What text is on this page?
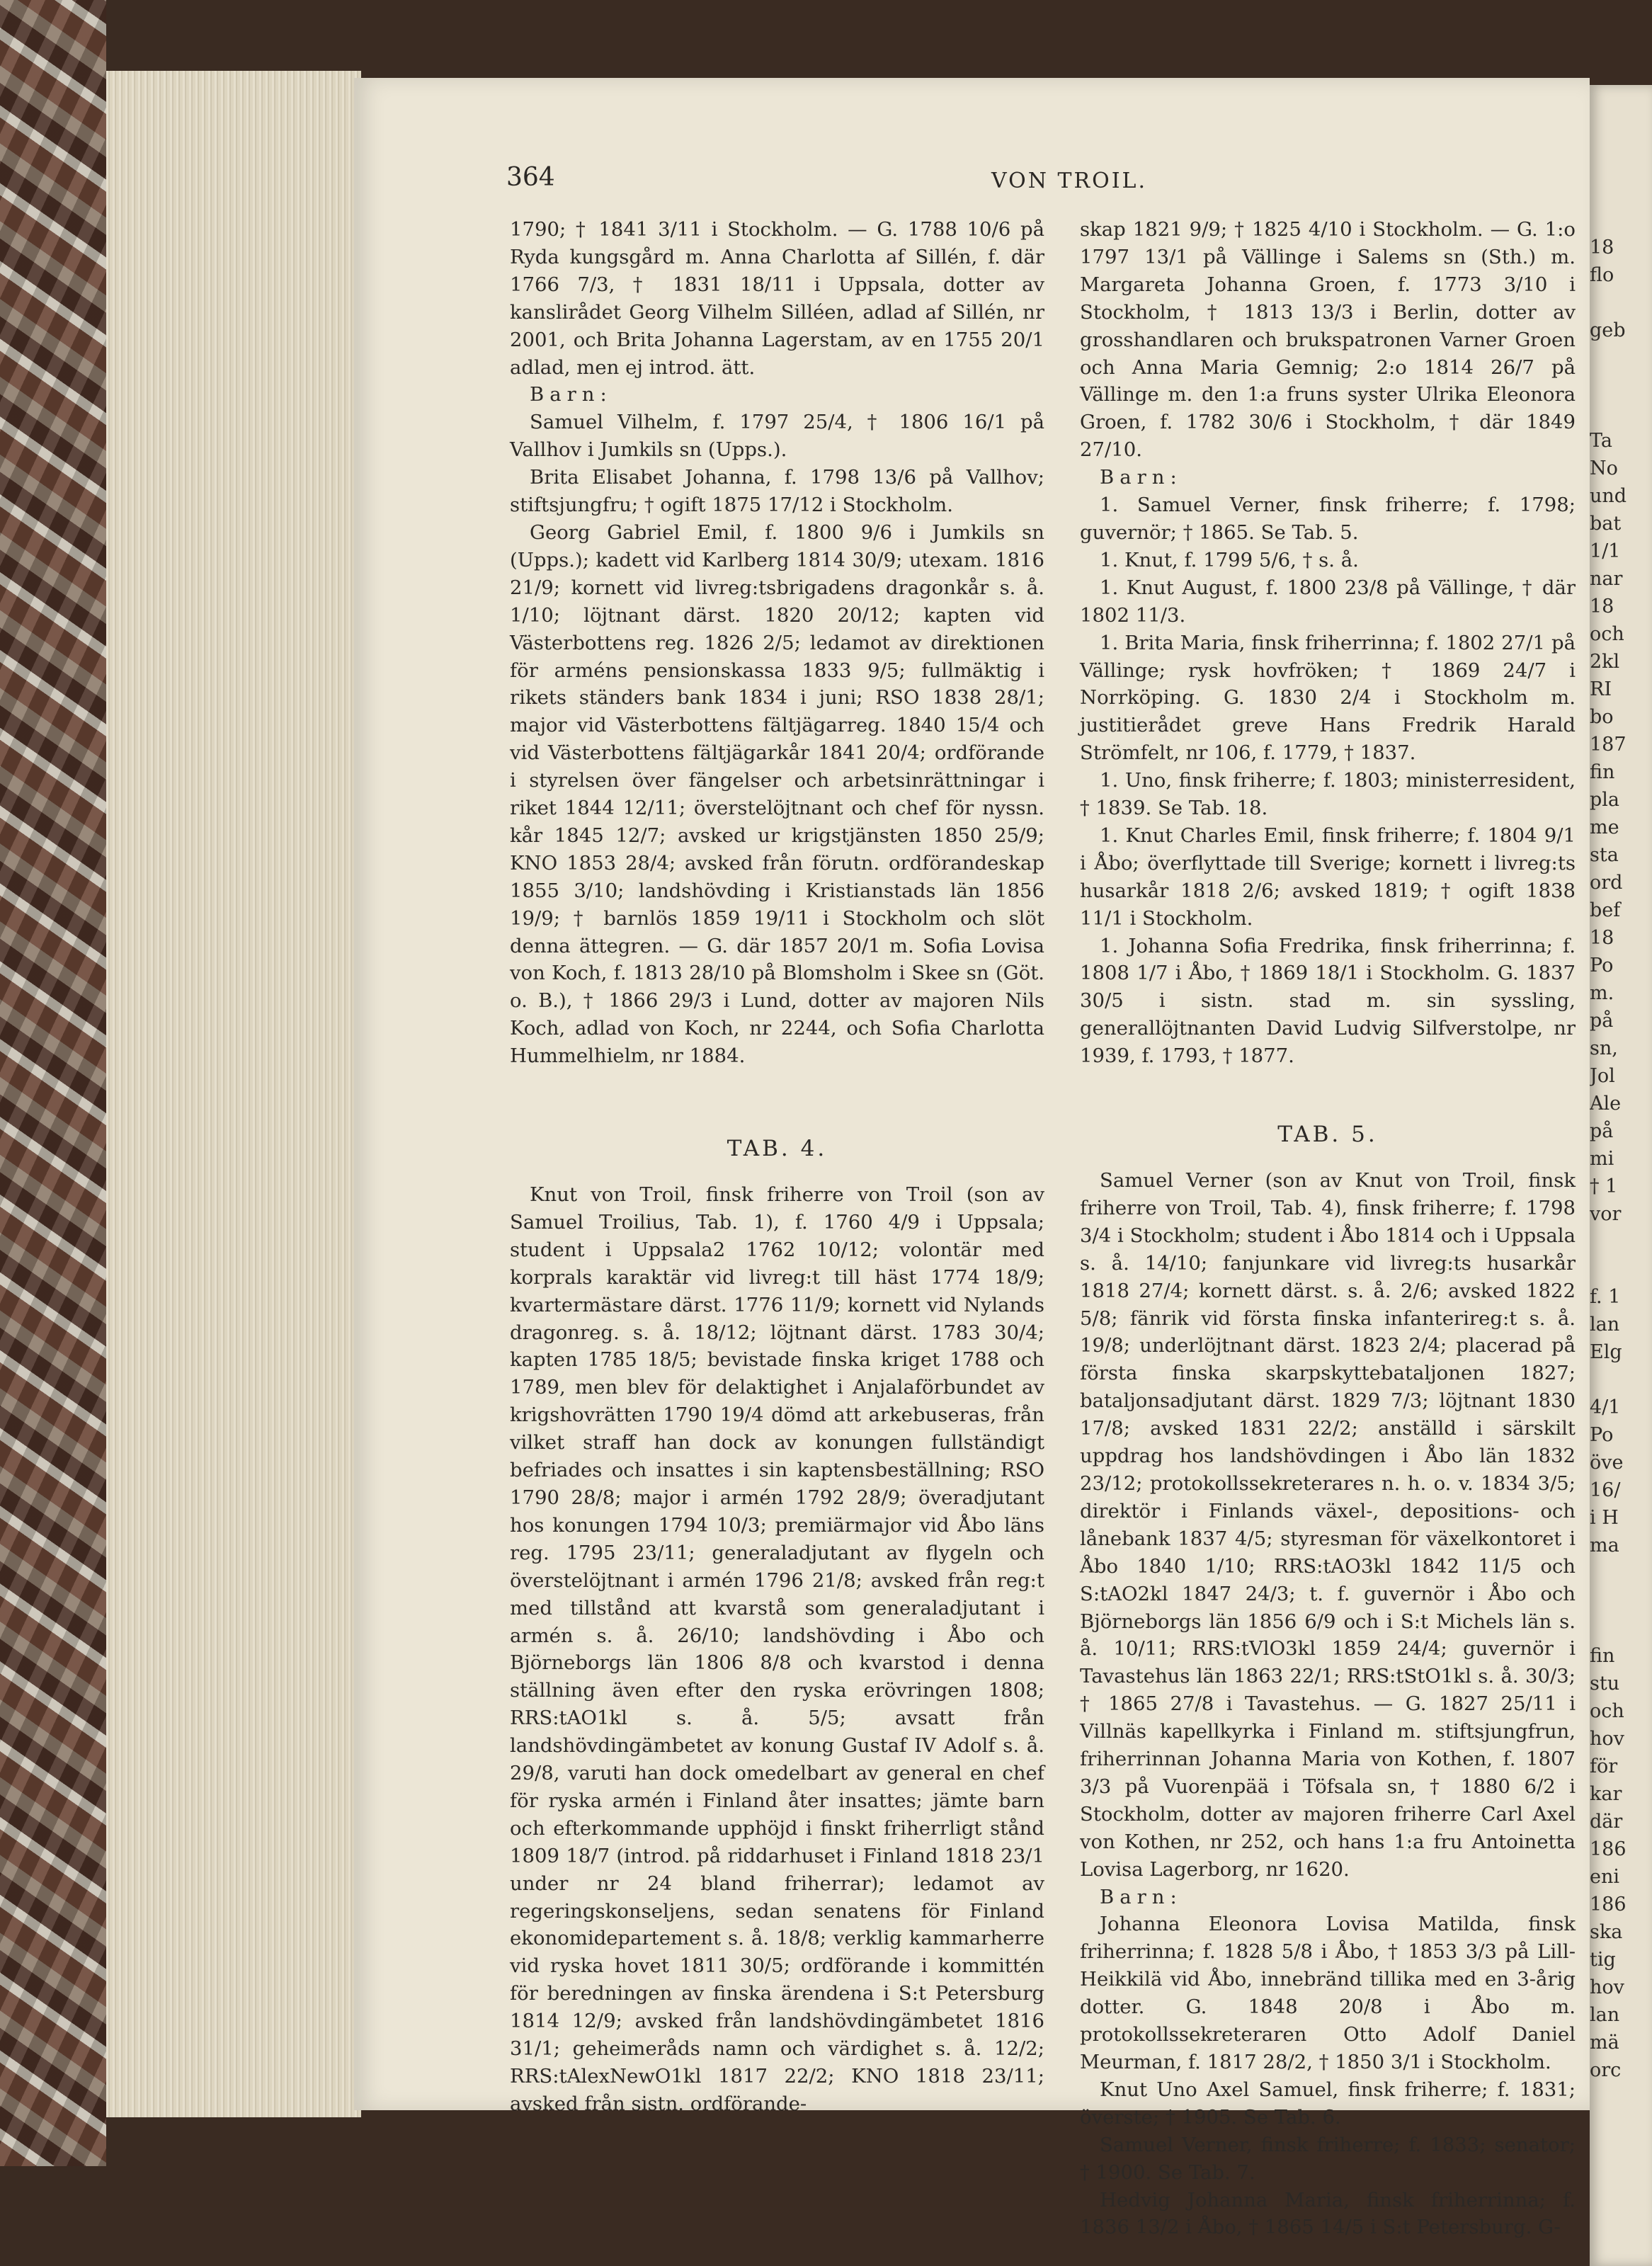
364	VON TROIL.

1790; † 1841 3/11 i Stockholm. — G. 1788 10/6 på Ryda kungsgård m. Anna Charlotta af Sillén, f. där 1766 7/3, † 1831 18/11 i Uppsala, dotter av kanslirådet Georg Vilhelm Silléen, adlad af Sillén, nr 2001, och Brita Johanna Lagerstam, av en 1755 20/1 adlad, men ej introd. ätt.

Barn:

Samuel Vilhelm, f. 1797 25/4, † 1806 16/1 på Vallhov i Jumkils sn (Upps.).

Brita Elisabet Johanna, f. 1798 13/6 på Vallhov; stiftsjungfru; † ogift 1875 17/12 i Stockholm.

Georg Gabriel Emil, f. 1800 9/6 i Jumkils sn (Upps.); kadett vid Karlberg 1814 30/9; utexam. 1816 21/9; kornett vid livreg:tsbrigadens dragonkår s. å. 1/10; löjtnant därst. 1820 20/12; kapten vid Västerbottens reg. 1826 2/5; ledamot av direktionen för arméns pensionskassa 1833 9/5; fullmäktig i rikets ständers bank 1834 i juni; RSO 1838 28/1; major vid Västerbottens fältjägarreg. 1840 15/4 och vid Västerbottens fältjägarkår 1841 20/4; ordförande i styrelsen över fängelser och arbetsinrättningar i riket 1844 12/11; överstelöjtnant och chef för nyssn. kår 1845 12/7; avsked ur krigstjänsten 1850 25/9; KNO 1853 28/4; avsked från förutn. ordförandeskap 1855 3/10; landshövding i Kristianstads län 1856 19/9; † barnlös 1859 19/11 i Stockholm och slöt denna ättegren. — G. där 1857 20/1 m. Sofia Lovisa von Koch, f. 1813 28/10 på Blomsholm i Skee sn (Göt. o. B.), † 1866 29/3 i Lund, dotter av majoren Nils Koch, adlad von Koch, nr 2244, och Sofia Charlotta Hummelhielm, nr 1884.

TAB. 4.

Knut von Troil, finsk friherre von Troil (son av Samuel Troilius, Tab. 1), f. 1760 4/9 i Uppsala; student i Uppsala2 1762 10/12; volontär med korprals karaktär vid livreg:t till häst 1774 18/9; kvartermästare därst. 1776 11/9; kornett vid Nylands dragonreg. s. å. 18/12; löjtnant därst. 1783 30/4; kapten 1785 18/5; bevistade finska kriget 1788 och 1789, men blev för delaktighet i Anjalaförbundet av krigshovrätten 1790 19/4 dömd att arkebuseras, från vilket straff han dock av konungen fullständigt befriades och insattes i sin kaptensbeställning; RSO 1790 28/8; major i armén 1792 28/9; överadjutant hos konungen 1794 10/3; premiärmajor vid Åbo läns reg. 1795 23/11; generaladjutant av flygeln och överstelöjtnant i armén 1796 21/8; avsked från reg:t med tillstånd att kvarstå som generaladjutant i armén s. å. 26/10; landshövding i Åbo och Björneborgs län 1806 8/8 och kvarstod i denna ställning även efter den ryska erövringen 1808; RRS:tAO1kl s. å. 5/5; avsatt från landshövdingämbetet av konung Gustaf IV Adolf s. å. 29/8, varuti han dock omedelbart av general en chef för ryska armén i Finland åter insattes; jämte barn och efterkommande upphöjd i finskt friherrligt stånd 1809 18/7 (introd. på riddarhuset i Finland 1818 23/1 under nr 24 bland friherrar); ledamot av regeringskonseljens, sedan senatens för Finland ekonomidepartement s. å. 18/8; verklig kammarherre vid ryska hovet 1811 30/5; ordförande i kommittén för beredningen av finska ärendena i S:t Petersburg 1814 12/9; avsked från landshövdingämbetet 1816 31/1; geheimeråds namn och värdighet s. å. 12/2; RRS:tAlexNewO1kl 1817 22/2; KNO 1818 23/11; avsked från sistn. ordförande-

skap 1821 9/9; † 1825 4/10 i Stockholm. — G. 1:o 1797 13/1 på Vällinge i Salems sn (Sth.) m. Margareta Johanna Groen, f. 1773 3/10 i Stockholm, † 1813 13/3 i Berlin, dotter av grosshandlaren och brukspatronen Varner Groen och Anna Maria Gemnig; 2:o 1814 26/7 på Vällinge m. den 1:a fruns syster Ulrika Eleonora Groen, f. 1782 30/6 i Stockholm, † där 1849 27/10.

Barn:

1. Samuel Verner, finsk friherre; f. 1798; guvernör; † 1865. Se Tab. 5.

1. Knut, f. 1799 5/6, † s. å.

1. Knut August, f. 1800 23/8 på Vällinge, † där 1802 11/3.

1. Brita Maria, finsk friherrinna; f. 1802 27/1 på Vällinge; rysk hovfröken; † 1869 24/7 i Norrköping. G. 1830 2/4 i Stockholm m. justitierådet greve Hans Fredrik Harald Strömfelt, nr 106, f. 1779, † 1837.

1. Uno, finsk friherre; f. 1803; ministerresident, † 1839. Se Tab. 18.

1. Knut Charles Emil, finsk friherre; f. 1804 9/1 i Åbo; överflyttade till Sverige; kornett i livreg:ts husarkår 1818 2/6; avsked 1819; † ogift 1838 11/1 i Stockholm.

1. Johanna Sofia Fredrika, finsk friherrinna; f. 1808 1/7 i Åbo, † 1869 18/1 i Stockholm. G. 1837 30/5 i sistn. stad m. sin syssling, generallöjtnanten David Ludvig Silfverstolpe, nr 1939, f. 1793, † 1877.

TAB. 5.

Samuel Verner (son av Knut von Troil, finsk friherre von Troil, Tab. 4), finsk friherre; f. 1798 3/4 i Stockholm; student i Åbo 1814 och i Uppsala s. å. 14/10; fanjunkare vid livreg:ts husarkår 1818 27/4; kornett därst. s. å. 2/6; avsked 1822 5/8; fänrik vid första finska infanterireg:t s. å. 19/8; underlöjtnant därst. 1823 2/4; placerad på första finska skarpskyttebataljonen 1827; bataljonsadjutant därst. 1829 7/3; löjtnant 1830 17/8; avsked 1831 22/2; anställd i särskilt uppdrag hos landshövdingen i Åbo län 1832 23/12; protokollssekreterares n. h. o. v. 1834 3/5; direktör i Finlands växel-, depositions- och lånebank 1837 4/5; styresman för växelkontoret i Åbo 1840 1/10; RRS:tAO3kl 1842 11/5 och S:tAO2kl 1847 24/3; t. f. guvernör i Åbo och Björneborgs län 1856 6/9 och i S:t Michels län s. å. 10/11; RRS:tVlO3kl 1859 24/4; guvernör i Tavastehus län 1863 22/1; RRS:tStO1kl s. å. 30/3; † 1865 27/8 i Tavastehus. — G. 1827 25/11 i Villnäs kapellkyrka i Finland m. stiftsjungfrun, friherrinnan Johanna Maria von Kothen, f. 1807 3/3 på Vuorenpää i Töfsala sn, † 1880 6/2 i Stockholm, dotter av majoren friherre Carl Axel von Kothen, nr 252, och hans 1:a fru Antoinetta Lovisa Lagerborg, nr 1620.

Barn:

Johanna Eleonora Lovisa Matilda, finsk friherrinna; f. 1828 5/8 i Åbo, † 1853 3/3 på Lill-Heikkilä vid Åbo, innebränd tillika med en 3-årig dotter. G. 1848 20/8 i Åbo m. protokollssekreteraren Otto Adolf Daniel Meurman, f. 1817 28/2, † 1850 3/1 i Stockholm.

Knut Uno Axel Samuel, finsk friherre; f. 1831; överste; † 1905. Se Tab. 6.

Samuel Verner, finsk friherre; f. 1833; senator; † 1900. Se Tab. 7.

Hedvig Johanna Maria, finsk friherrinna; f. 1836 13/2 i Åbo, † 1865 14/5 i S:t Petersburg. G-

18
flo

geb

Ta
No
und
bat
1/1
nar
18
och
2kl
RI
bo
187
fin
pla
me
sta
ord
bef
18
Po
m.
på
sn,
Jol
Ale
på
mi
† 1
vor

f. 1
lan
Elg

4/1
Po
öve
16/
i H
ma

fin
stu
och
hov
för
kar
där
186
eni
186
ska
tig
hov
lan
mä
orc
